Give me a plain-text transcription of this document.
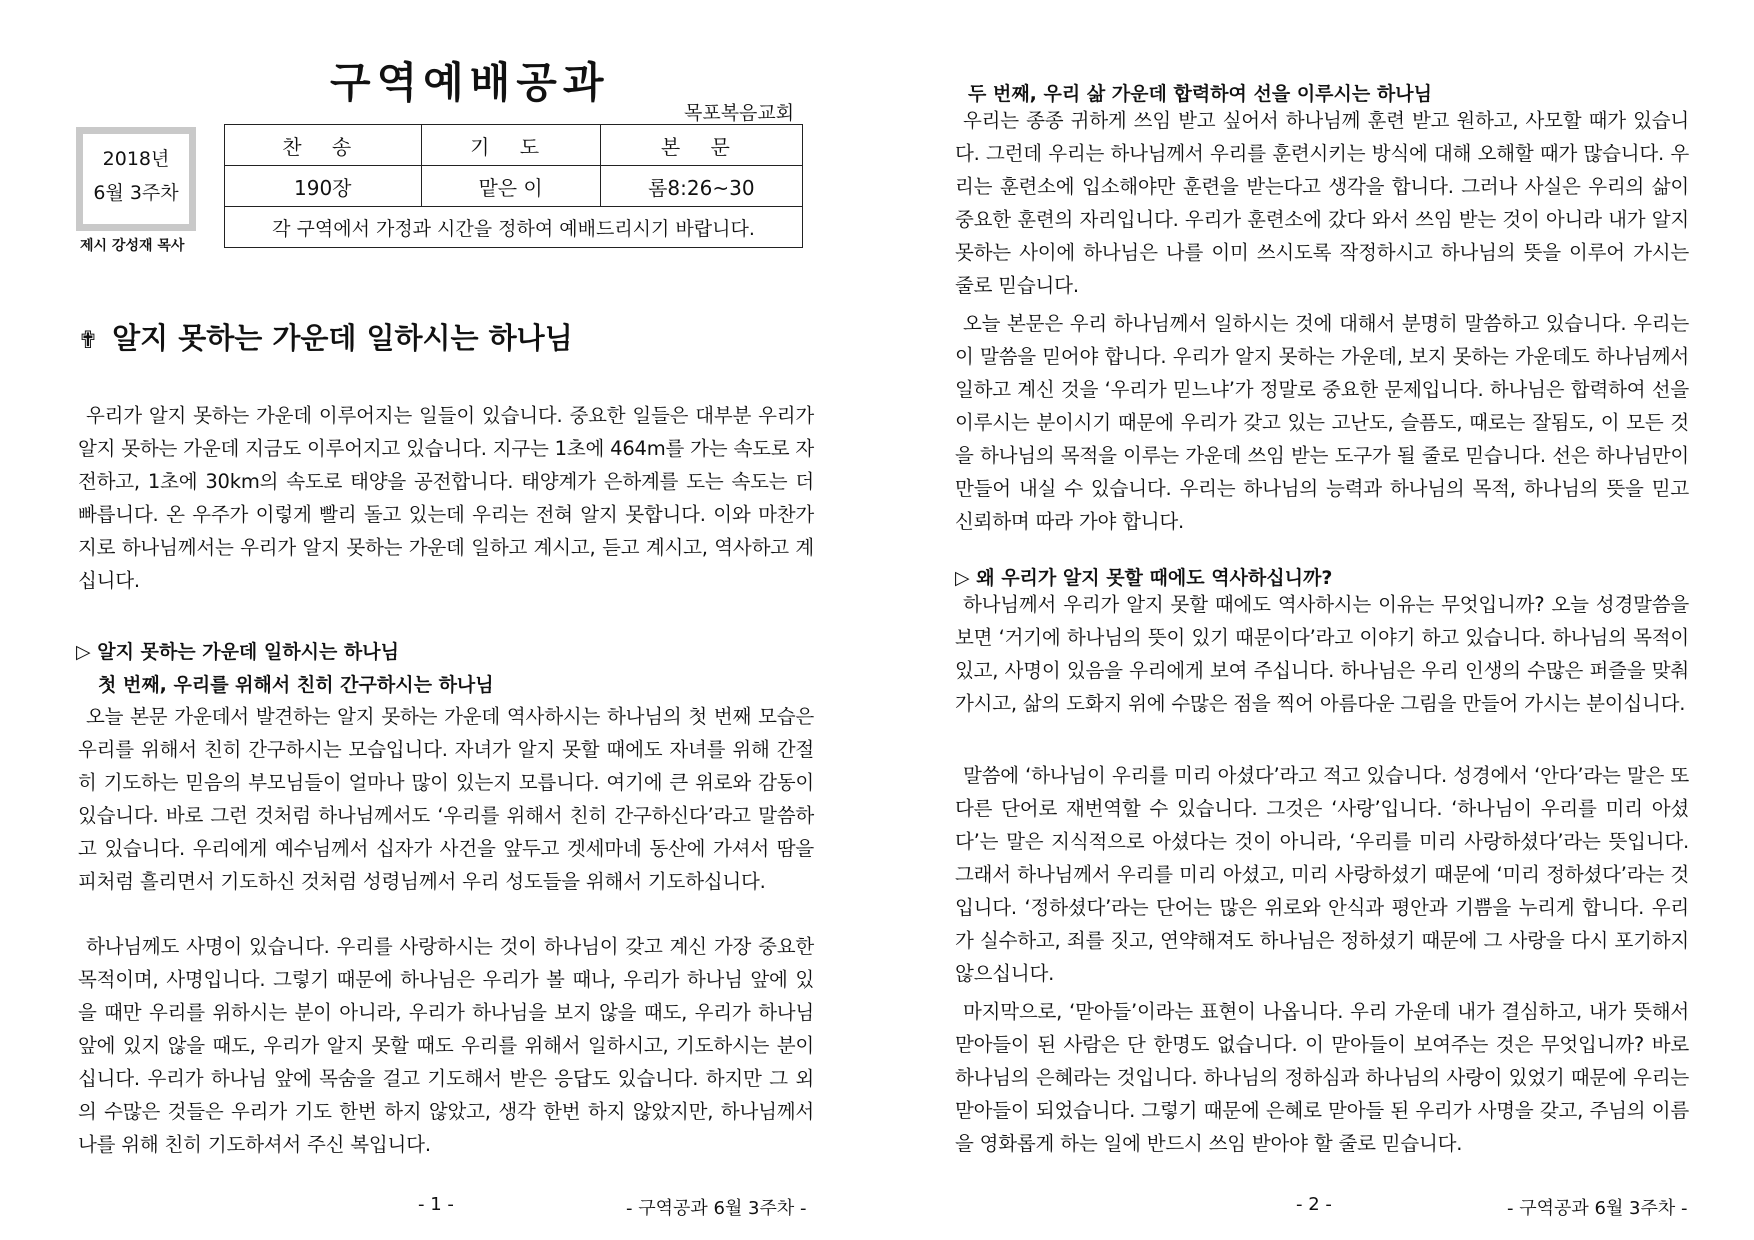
구역예배공과
목포복음교회
2018년
6월 3주차
제시 강성재 목사
찬 송	기 도	본 문
190장	맡은 이	롬8:26~30
각 구역에서 가정과 시간을 정하여 예배드리시기 바랍니다.		
✟ 알지 못하는 가운데 일하시는 하나님

우리가 알지 못하는 가운데 이루어지는 일들이 있습니다. 중요한 일들은 대부분 우리가 알지 못하는 가운데 지금도 이루어지고 있습니다. 지구는 1초에 464m를 가는 속도로 자전하고, 1초에 30km의 속도로 태양을 공전합니다. 태양계가 은하계를 도는 속도는 더 빠릅니다. 온 우주가 이렇게 빨리 돌고 있는데 우리는 전혀 알지 못합니다. 이와 마찬가지로 하나님께서는 우리가 알지 못하는 가운데 일하고 계시고, 듣고 계시고, 역사하고 계십니다.

▷ 알지 못하는 가운데 일하시는 하나님
첫 번째, 우리를 위해서 친히 간구하시는 하나님

오늘 본문 가운데서 발견하는 알지 못하는 가운데 역사하시는 하나님의 첫 번째 모습은 우리를 위해서 친히 간구하시는 모습입니다. 자녀가 알지 못할 때에도 자녀를 위해 간절히 기도하는 믿음의 부모님들이 얼마나 많이 있는지 모릅니다. 여기에 큰 위로와 감동이 있습니다. 바로 그런 것처럼 하나님께서도 ‘우리를 위해서 친히 간구하신다’라고 말씀하고 있습니다. 우리에게 예수님께서 십자가 사건을 앞두고 겟세마네 동산에 가셔서 땀을 피처럼 흘리면서 기도하신 것처럼 성령님께서 우리 성도들을 위해서 기도하십니다.

하나님께도 사명이 있습니다. 우리를 사랑하시는 것이 하나님이 갖고 계신 가장 중요한 목적이며, 사명입니다. 그렇기 때문에 하나님은 우리가 볼 때나, 우리가 하나님 앞에 있을 때만 우리를 위하시는 분이 아니라, 우리가 하나님을 보지 않을 때도, 우리가 하나님 앞에 있지 않을 때도, 우리가 알지 못할 때도 우리를 위해서 일하시고, 기도하시는 분이십니다. 우리가 하나님 앞에 목숨을 걸고 기도해서 받은 응답도 있습니다. 하지만 그 외의 수많은 것들은 우리가 기도 한번 하지 않았고, 생각 한번 하지 않았지만, 하나님께서 나를 위해 친히 기도하셔서 주신 복입니다.

- 1 -	- 구역공과 6월 3주차 -
두 번째, 우리 삶 가운데 합력하여 선을 이루시는 하나님

우리는 종종 귀하게 쓰임 받고 싶어서 하나님께 훈련 받고 원하고, 사모할 때가 있습니다. 그런데 우리는 하나님께서 우리를 훈련시키는 방식에 대해 오해할 때가 많습니다. 우리는 훈련소에 입소해야만 훈련을 받는다고 생각을 합니다. 그러나 사실은 우리의 삶이 중요한 훈련의 자리입니다. 우리가 훈련소에 갔다 와서 쓰임 받는 것이 아니라 내가 알지 못하는 사이에 하나님은 나를 이미 쓰시도록 작정하시고 하나님의 뜻을 이루어 가시는 줄로 믿습니다.

오늘 본문은 우리 하나님께서 일하시는 것에 대해서 분명히 말씀하고 있습니다. 우리는 이 말씀을 믿어야 합니다. 우리가 알지 못하는 가운데, 보지 못하는 가운데도 하나님께서 일하고 계신 것을 ‘우리가 믿느냐’가 정말로 중요한 문제입니다. 하나님은 합력하여 선을 이루시는 분이시기 때문에 우리가 갖고 있는 고난도, 슬픔도, 때로는 잘됨도, 이 모든 것을 하나님의 목적을 이루는 가운데 쓰임 받는 도구가 될 줄로 믿습니다. 선은 하나님만이 만들어 내실 수 있습니다. 우리는 하나님의 능력과 하나님의 목적, 하나님의 뜻을 믿고 신뢰하며 따라 가야 합니다.

▷ 왜 우리가 알지 못할 때에도 역사하십니까?

하나님께서 우리가 알지 못할 때에도 역사하시는 이유는 무엇입니까? 오늘 성경말씀을 보면 ‘거기에 하나님의 뜻이 있기 때문이다’라고 이야기 하고 있습니다. 하나님의 목적이 있고, 사명이 있음을 우리에게 보여 주십니다. 하나님은 우리 인생의 수많은 퍼즐을 맞춰 가시고, 삶의 도화지 위에 수많은 점을 찍어 아름다운 그림을 만들어 가시는 분이십니다.

말씀에 ‘하나님이 우리를 미리 아셨다’라고 적고 있습니다. 성경에서 ‘안다’라는 말은 또 다른 단어로 재번역할 수 있습니다. 그것은 ‘사랑’입니다. ‘하나님이 우리를 미리 아셨다’는 말은 지식적으로 아셨다는 것이 아니라, ‘우리를 미리 사랑하셨다’라는 뜻입니다. 그래서 하나님께서 우리를 미리 아셨고, 미리 사랑하셨기 때문에 ‘미리 정하셨다’라는 것입니다. ‘정하셨다’라는 단어는 많은 위로와 안식과 평안과 기쁨을 누리게 합니다. 우리가 실수하고, 죄를 짓고, 연약해져도 하나님은 정하셨기 때문에 그 사랑을 다시 포기하지 않으십니다.

마지막으로, ‘맏아들’이라는 표현이 나옵니다. 우리 가운데 내가 결심하고, 내가 뜻해서 맏아들이 된 사람은 단 한명도 없습니다. 이 맏아들이 보여주는 것은 무엇입니까? 바로 하나님의 은혜라는 것입니다. 하나님의 정하심과 하나님의 사랑이 있었기 때문에 우리는 맏아들이 되었습니다. 그렇기 때문에 은혜로 맏아들 된 우리가 사명을 갖고, 주님의 이름을 영화롭게 하는 일에 반드시 쓰임 받아야 할 줄로 믿습니다.

- 2 -	- 구역공과 6월 3주차 -
